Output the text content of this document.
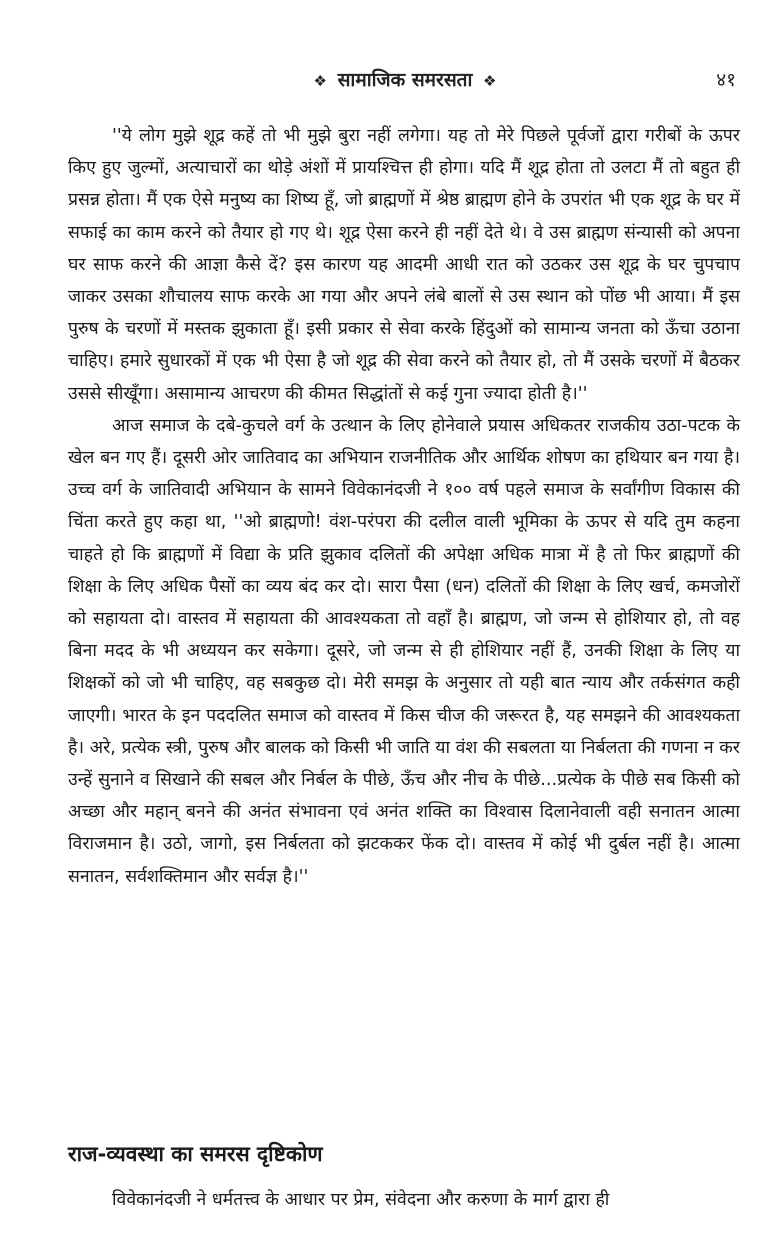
❖ सामाजिक समरसता ❖	४१

''ये लोग मुझे शूद्र कहें तो भी मुझे बुरा नहीं लगेगा। यह तो मेरे पिछले पूर्वजों द्वारा गरीबों के ऊपर किए हुए जुल्मों, अत्याचारों का थोड़े अंशों में प्रायश्चित्त ही होगा। यदि मैं शूद्र होता तो उलटा मैं तो बहुत ही प्रसन्न होता। मैं एक ऐसे मनुष्य का शिष्य हूँ, जो ब्राह्मणों में श्रेष्ठ ब्राह्मण होने के उपरांत भी एक शूद्र के घर में सफाई का काम करने को तैयार हो गए थे। शूद्र ऐसा करने ही नहीं देते थे। वे उस ब्राह्मण संन्यासी को अपना घर साफ करने की आज्ञा कैसे दें? इस कारण यह आदमी आधी रात को उठकर उस शूद्र के घर चुपचाप जाकर उसका शौचालय साफ करके आ गया और अपने लंबे बालों से उस स्थान को पोंछ भी आया। मैं इस पुरुष के चरणों में मस्तक झुकाता हूँ। इसी प्रकार से सेवा करके हिंदुओं को सामान्य जनता को ऊँचा उठाना चाहिए। हमारे सुधारकों में एक भी ऐसा है जो शूद्र की सेवा करने को तैयार हो, तो मैं उसके चरणों में बैठकर उससे सीखूँगा। असामान्य आचरण की कीमत सिद्धांतों से कई गुना ज्यादा होती है।''

आज समाज के दबे-कुचले वर्ग के उत्थान के लिए होनेवाले प्रयास अधिकतर राजकीय उठा-पटक के खेल बन गए हैं। दूसरी ओर जातिवाद का अभियान राजनीतिक और आर्थिक शोषण का हथियार बन गया है। उच्च वर्ग के जातिवादी अभियान के सामने विवेकानंदजी ने १०० वर्ष पहले समाज के सर्वांगीण विकास की चिंता करते हुए कहा था, ''ओ ब्राह्मणो! वंश-परंपरा की दलील वाली भूमिका के ऊपर से यदि तुम कहना चाहते हो कि ब्राह्मणों में विद्या के प्रति झुकाव दलितों की अपेक्षा अधिक मात्रा में है तो फिर ब्राह्मणों की शिक्षा के लिए अधिक पैसों का व्यय बंद कर दो। सारा पैसा (धन) दलितों की शिक्षा के लिए खर्च, कमजोरों को सहायता दो। वास्तव में सहायता की आवश्यकता तो वहाँ है। ब्राह्मण, जो जन्म से होशियार हो, तो वह बिना मदद के भी अध्ययन कर सकेगा। दूसरे, जो जन्म से ही होशियार नहीं हैं, उनकी शिक्षा के लिए या शिक्षकों को जो भी चाहिए, वह सबकुछ दो। मेरी समझ के अनुसार तो यही बात न्याय और तर्कसंगत कही जाएगी। भारत के इन पददलित समाज को वास्तव में किस चीज की जरूरत है, यह समझने की आवश्यकता है। अरे, प्रत्येक स्त्री, पुरुष और बालक को किसी भी जाति या वंश की सबलता या निर्बलता की गणना न कर उन्हें सुनाने व सिखाने की सबल और निर्बल के पीछे, ऊँच और नीच के पीछे...प्रत्येक के पीछे सब किसी को अच्छा और महान् बनने की अनंत संभावना एवं अनंत शक्ति का विश्वास दिलानेवाली वही सनातन आत्मा विराजमान है। उठो, जागो, इस निर्बलता को झटककर फेंक दो। वास्तव में कोई भी दुर्बल नहीं है। आत्मा सनातन, सर्वशक्तिमान और सर्वज्ञ है।''

राज-व्यवस्था का समरस दृष्टिकोण

विवेकानंदजी ने धर्मतत्त्व के आधार पर प्रेम, संवेदना और करुणा के मार्ग द्वारा ही
